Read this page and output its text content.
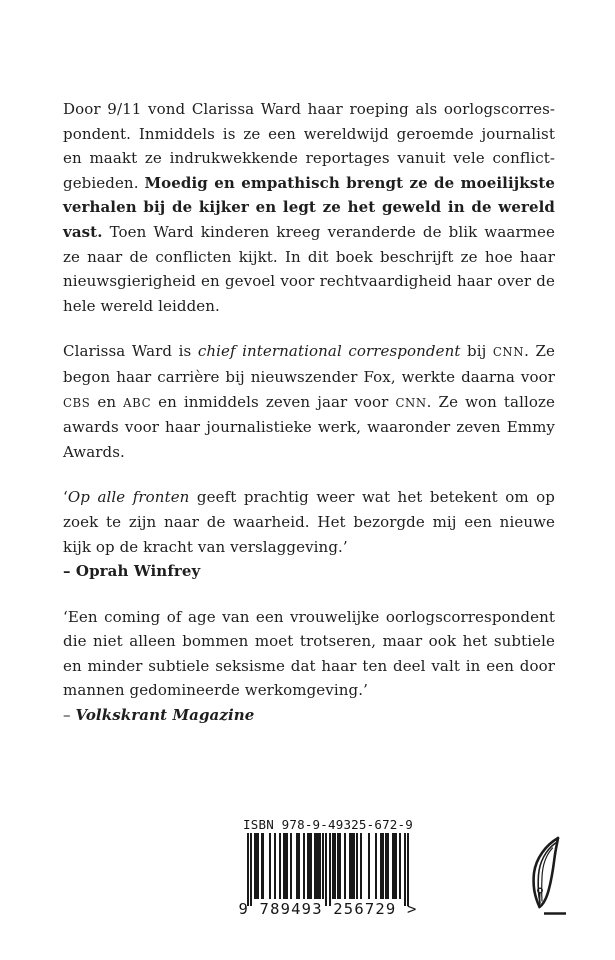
Door 9/11 vond Clarissa Ward haar roeping als oorlogscorrespondent. Inmiddels is ze een wereldwijd geroemde journalist en maakt ze indrukwekkende reportages vanuit vele conflictgebieden. Moedig en empathisch brengt ze de moeilijkste verhalen bij de kijker en legt ze het geweld in de wereld vast. Toen Ward kinderen kreeg veranderde de blik waarmee ze naar de conflicten kijkt. In dit boek beschrijft ze hoe haar nieuwsgierigheid en gevoel voor rechtvaardigheid haar over de hele wereld leidden.

Clarissa Ward is chief international correspondent bij CNN. Ze begon haar carrière bij nieuwszender Fox, werkte daarna voor CBS en ABC en inmiddels zeven jaar voor CNN. Ze won talloze awards voor haar journalistieke werk, waaronder zeven Emmy Awards.

‘Op alle fronten geeft prachtig weer wat het betekent om op zoek te zijn naar de waarheid. Het bezorgde mij een nieuwe kijk op de kracht van verslaggeving.’
– Oprah Winfrey

‘Een coming of age van een vrouwelijke oorlogscorrespondent die niet alleen bommen moet trotseren, maar ook het subtiele en minder subtiele seksisme dat haar ten deel valt in een door mannen gedomineerde werkomgeving.’
– Volkskrant Magazine

ISBN 978-9-49325-672-9
9 789493 256729 >
